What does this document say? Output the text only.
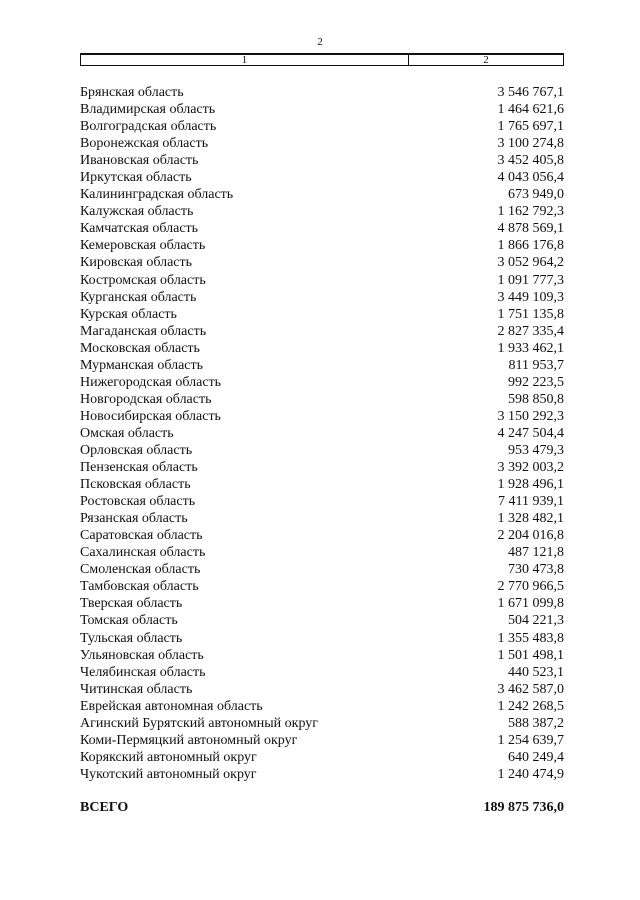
2
1	2
Брянская область	3 546 767,1
Владимирская область	1 464 621,6
Волгоградская область	1 765 697,1
Воронежская область	3 100 274,8
Ивановская область	3 452 405,8
Иркутская область	4 043 056,4
Калининградская область	673 949,0
Калужская область	1 162 792,3
Камчатская область	4 878 569,1
Кемеровская область	1 866 176,8
Кировская область	3 052 964,2
Костромская область	1 091 777,3
Курганская область	3 449 109,3
Курская область	1 751 135,8
Магаданская область	2 827 335,4
Московская область	1 933 462,1
Мурманская область	811 953,7
Нижегородская область	992 223,5
Новгородская область	598 850,8
Новосибирская область	3 150 292,3
Омская область	4 247 504,4
Орловская область	953 479,3
Пензенская область	3 392 003,2
Псковская область	1 928 496,1
Ростовская область	7 411 939,1
Рязанская область	1 328 482,1
Саратовская область	2 204 016,8
Сахалинская область	487 121,8
Смоленская область	730 473,8
Тамбовская область	2 770 966,5
Тверская область	1 671 099,8
Томская область	504 221,3
Тульская область	1 355 483,8
Ульяновская область	1 501 498,1
Челябинская область	440 523,1
Читинская область	3 462 587,0
Еврейская автономная область	1 242 268,5
Агинский Бурятский автономный округ	588 387,2
Коми-Пермяцкий автономный округ	1 254 639,7
Корякский автономный округ	640 249,4
Чукотский автономный округ	1 240 474,9
ВСЕГО	189 875 736,0
